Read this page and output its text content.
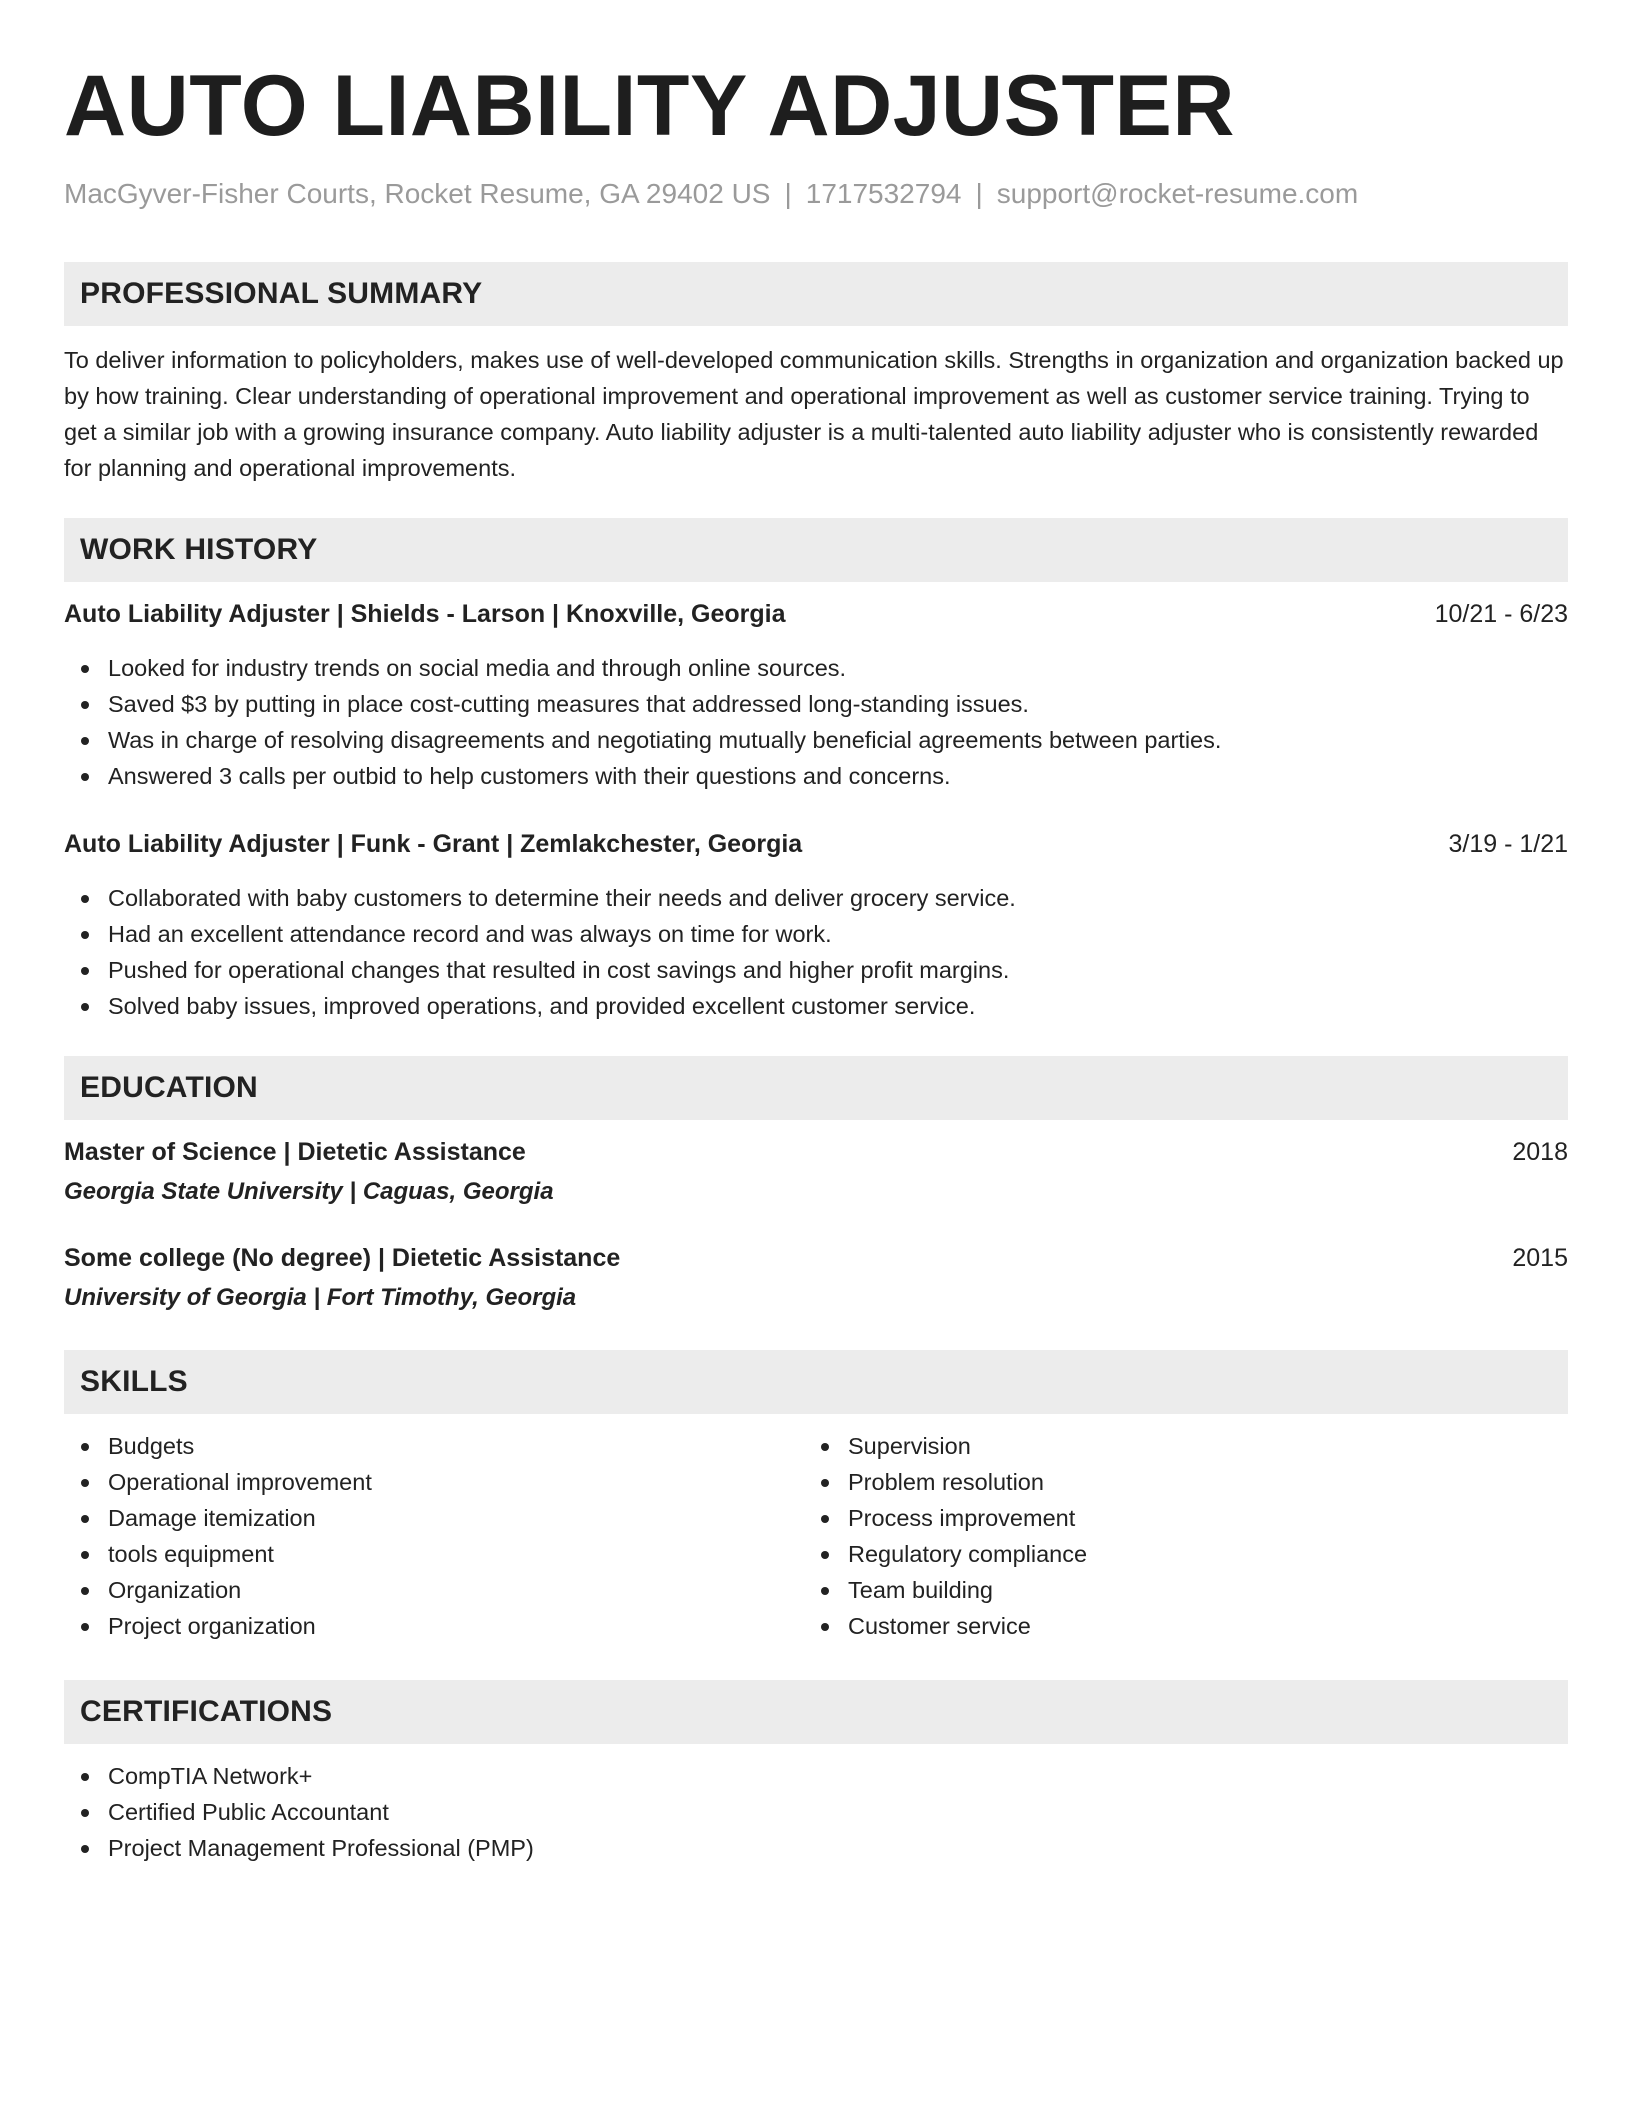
AUTO LIABILITY ADJUSTER
MacGyver-Fisher Courts, Rocket Resume, GA 29402 US | 1717532794 | support@rocket-resume.com
PROFESSIONAL SUMMARY

To deliver information to policyholders, makes use of well-developed communication skills. Strengths in organization and organization backed up by how training. Clear understanding of operational improvement and operational improvement as well as customer service training. Trying to get a similar job with a growing insurance company. Auto liability adjuster is a multi-talented auto liability adjuster who is consistently rewarded for planning and operational improvements.

WORK HISTORY
Auto Liability Adjuster | Shields - Larson | Knoxville, Georgia	10/21 - 6/23
Looked for industry trends on social media and through online sources.
Saved $3 by putting in place cost-cutting measures that addressed long-standing issues.
Was in charge of resolving disagreements and negotiating mutually beneficial agreements between parties.
Answered 3 calls per outbid to help customers with their questions and concerns.
Auto Liability Adjuster | Funk - Grant | Zemlakchester, Georgia	3/19 - 1/21
Collaborated with baby customers to determine their needs and deliver grocery service.
Had an excellent attendance record and was always on time for work.
Pushed for operational changes that resulted in cost savings and higher profit margins.
Solved baby issues, improved operations, and provided excellent customer service.
EDUCATION
Master of Science | Dietetic Assistance	2018
Georgia State University | Caguas, Georgia
Some college (No degree) | Dietetic Assistance	2015
University of Georgia | Fort Timothy, Georgia
SKILLS
Budgets
Operational improvement
Damage itemization
tools equipment
Organization
Project organization
Supervision
Problem resolution
Process improvement
Regulatory compliance
Team building
Customer service
CERTIFICATIONS
CompTIA Network+
Certified Public Accountant
Project Management Professional (PMP)
